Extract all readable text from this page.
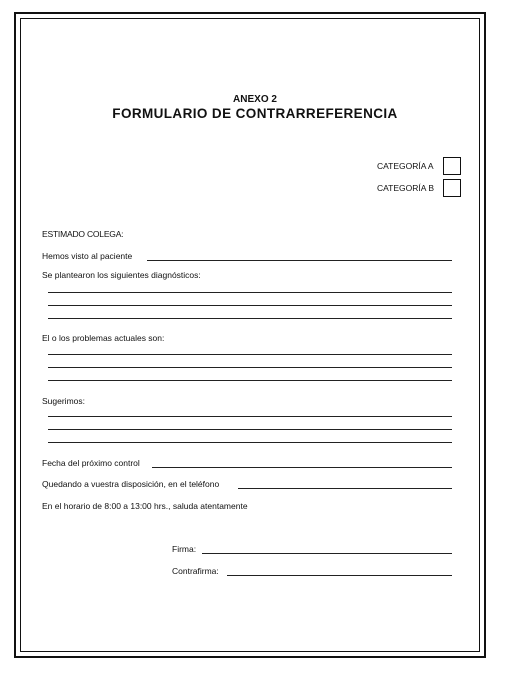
ANEXO 2
FORMULARIO DE CONTRARREFERENCIA
CATEGORÍA A
CATEGORÍA B
ESTIMADO COLEGA:
Hemos visto al paciente
Se plantearon los siguientes diagnósticos:
El o los problemas actuales son:
Sugerimos:
Fecha del próximo control
Quedando a vuestra disposición, en el teléfono
En el horario de 8:00 a 13:00 hrs., saluda atentamente
Firma:
Contrafirma:
